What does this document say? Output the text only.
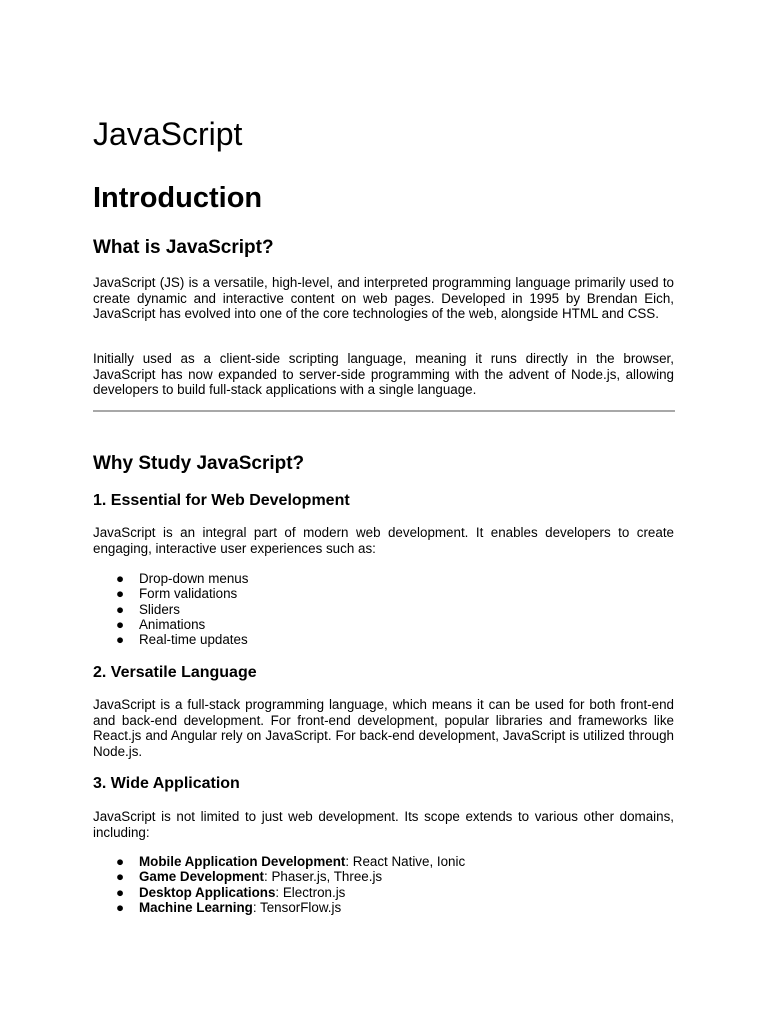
JavaScript
Introduction
What is JavaScript?

JavaScript (JS) is a versatile, high-level, and interpreted programming language primarily used to create dynamic and interactive content on web pages. Developed in 1995 by Brendan Eich, JavaScript has evolved into one of the core technologies of the web, alongside HTML and CSS.

Initially used as a client-side scripting language, meaning it runs directly in the browser, JavaScript has now expanded to server-side programming with the advent of Node.js, allowing developers to build full-stack applications with a single language.

Why Study JavaScript?
1. Essential for Web Development

JavaScript is an integral part of modern web development. It enables developers to create engaging, interactive user experiences such as:

● Drop-down menus
● Form validations
● Sliders
● Animations
● Real-time updates
2. Versatile Language

JavaScript is a full-stack programming language, which means it can be used for both front-end and back-end development. For front-end development, popular libraries and frameworks like React.js and Angular rely on JavaScript. For back-end development, JavaScript is utilized through Node.js.

3. Wide Application

JavaScript is not limited to just web development. Its scope extends to various other domains, including:

● Mobile Application Development: React Native, Ionic
● Game Development: Phaser.js, Three.js
● Desktop Applications: Electron.js
● Machine Learning: TensorFlow.js
